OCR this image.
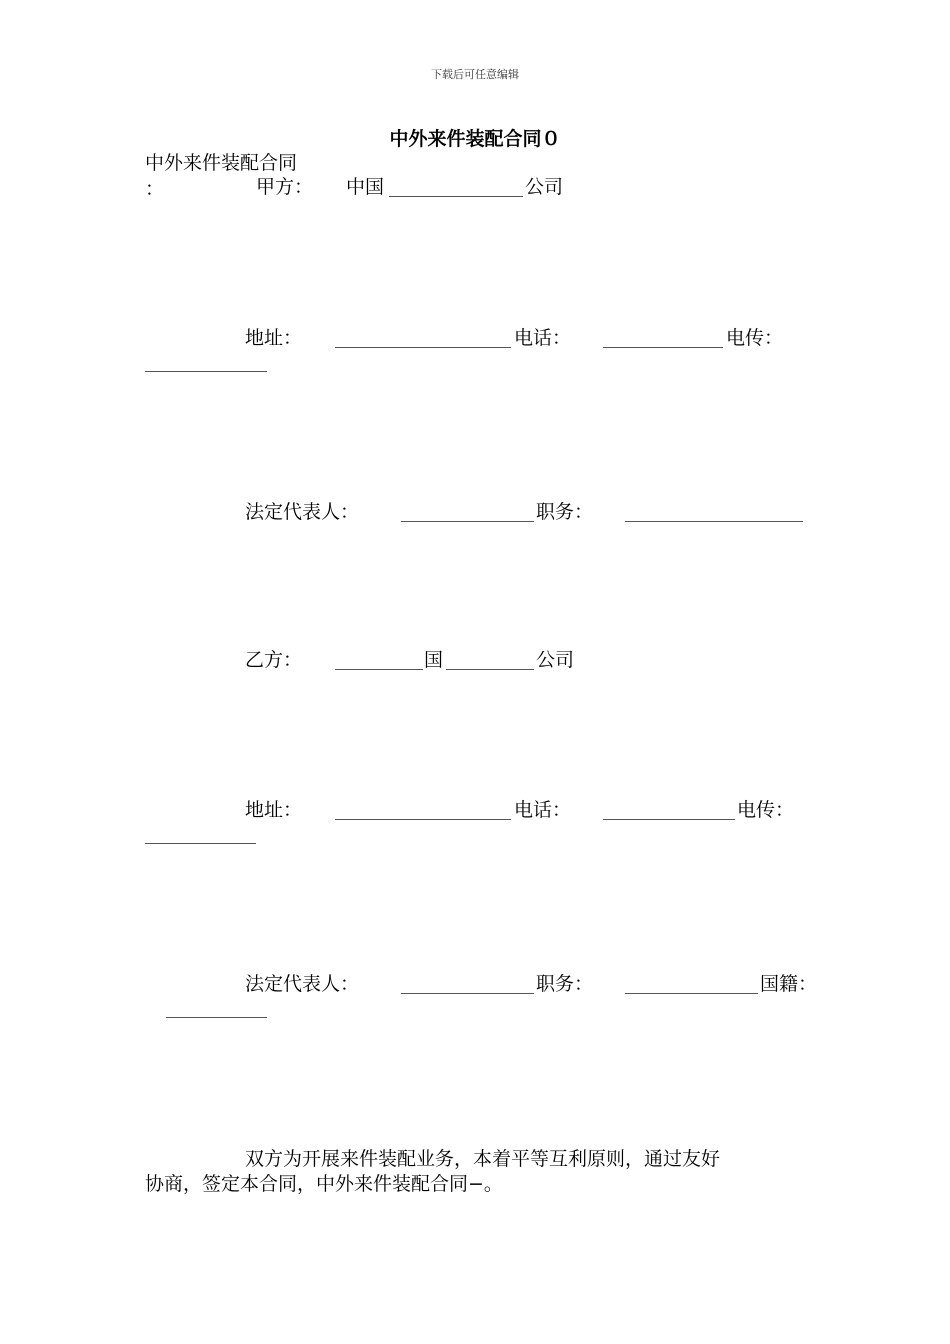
下载后可任意编辑
中外来件装配合同０
中外来件装配合同
：	甲方： 中国	公司
地址：	电话：	电传：
法定代表人：	职务：
乙方：	国	公司
地址：	电话：	电传：
法定代表人：	职务：	国籍：
双方为开展来件装配业务，本着平等互利原则，通过友好
协商，签定本合同，中外来件装配合同−。
